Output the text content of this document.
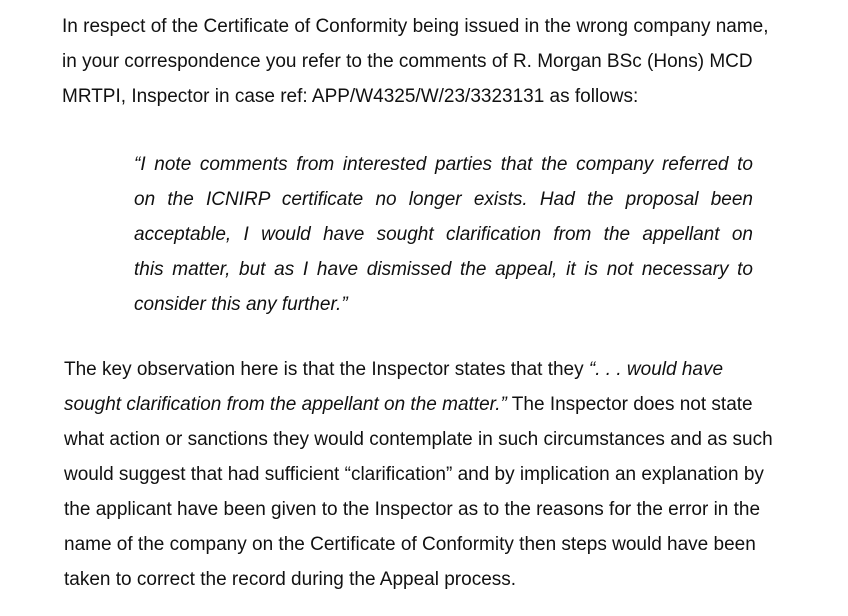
In respect of the Certificate of Conformity being issued in the wrong company name,
in your correspondence you refer to the comments of R. Morgan BSc (Hons) MCD
MRTPI, Inspector in case ref: APP/W4325/W/23/3323131 as follows:

“I note comments from interested parties that the company referred to
on the ICNIRP certificate no longer exists. Had the proposal been
acceptable, I would have sought clarification from the appellant on
this matter, but as I have dismissed the appeal, it is not necessary to
consider this any further.”

The key observation here is that the Inspector states that they “. . . would have
sought clarification from the appellant on the matter.” The Inspector does not state
what action or sanctions they would contemplate in such circumstances and as such
would suggest that had sufficient “clarification” and by implication an explanation by
the applicant have been given to the Inspector as to the reasons for the error in the
name of the company on the Certificate of Conformity then steps would have been
taken to correct the record during the Appeal process.
